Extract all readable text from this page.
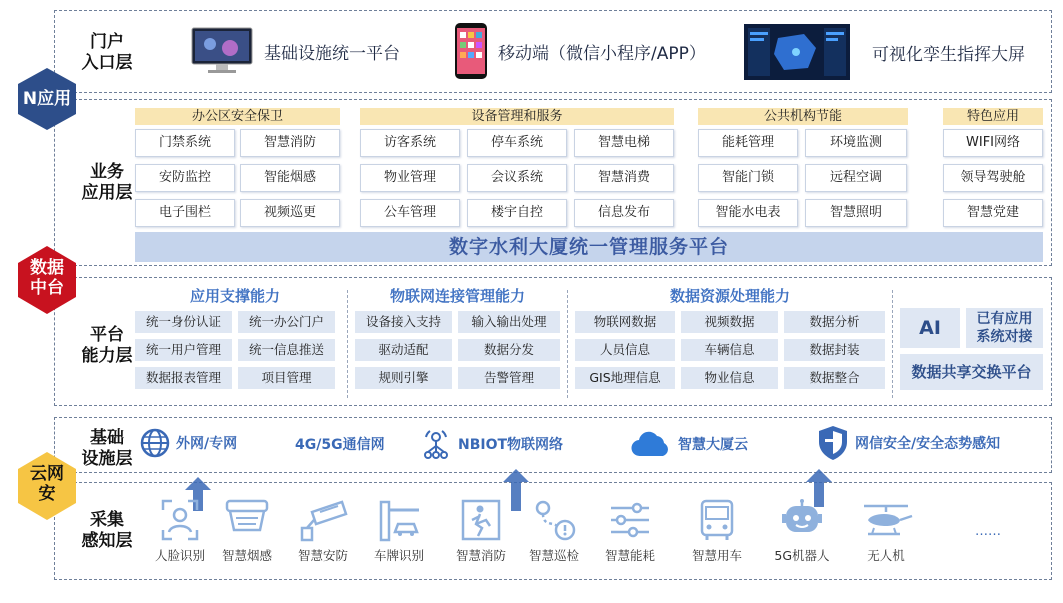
门户
入口层
业务
应用层
平台
能力层
基础
设施层
采集
感知层
N应用
数据中台
云网安
基础设施统一平台	移动端（微信小程序/APP）	可视化孪生指挥大屏
办公区安全保卫
门禁系统	智慧消防
安防监控	智能烟感
电子围栏	视频巡更
设备管理和服务
访客系统	停车系统	智慧电梯
物业管理	会议系统	智慧消费
公车管理	楼宇自控	信息发布
公共机构节能
能耗管理	环境监测
智能门锁	远程空调
智能水电表	智慧照明
特色应用
WIFI网络
领导驾驶舱
智慧党建
数字水利大厦统一管理服务平台
应用支撑能力	物联网连接管理能力	数据资源处理能力
统一身份认证	统一办公门户
统一用户管理	统一信息推送
数据报表管理	项目管理
设备接入支持	输入输出处理
驱动适配	数据分发
规则引擎	告警管理
物联网数据	视频数据	数据分析
人员信息	车辆信息	数据封装
GIS地理信息	物业信息	数据整合
AI	已有应用
系统对接
数据共享交换平台
外网/专网	4G/5G通信网	NBIOT物联网络	智慧大厦云	网信安全/安全态势感知
人脸识别	智慧烟感	智慧安防	车牌识别	智慧消防	智慧巡检	智慧能耗	智慧用车	5G机器人	无人机
……
